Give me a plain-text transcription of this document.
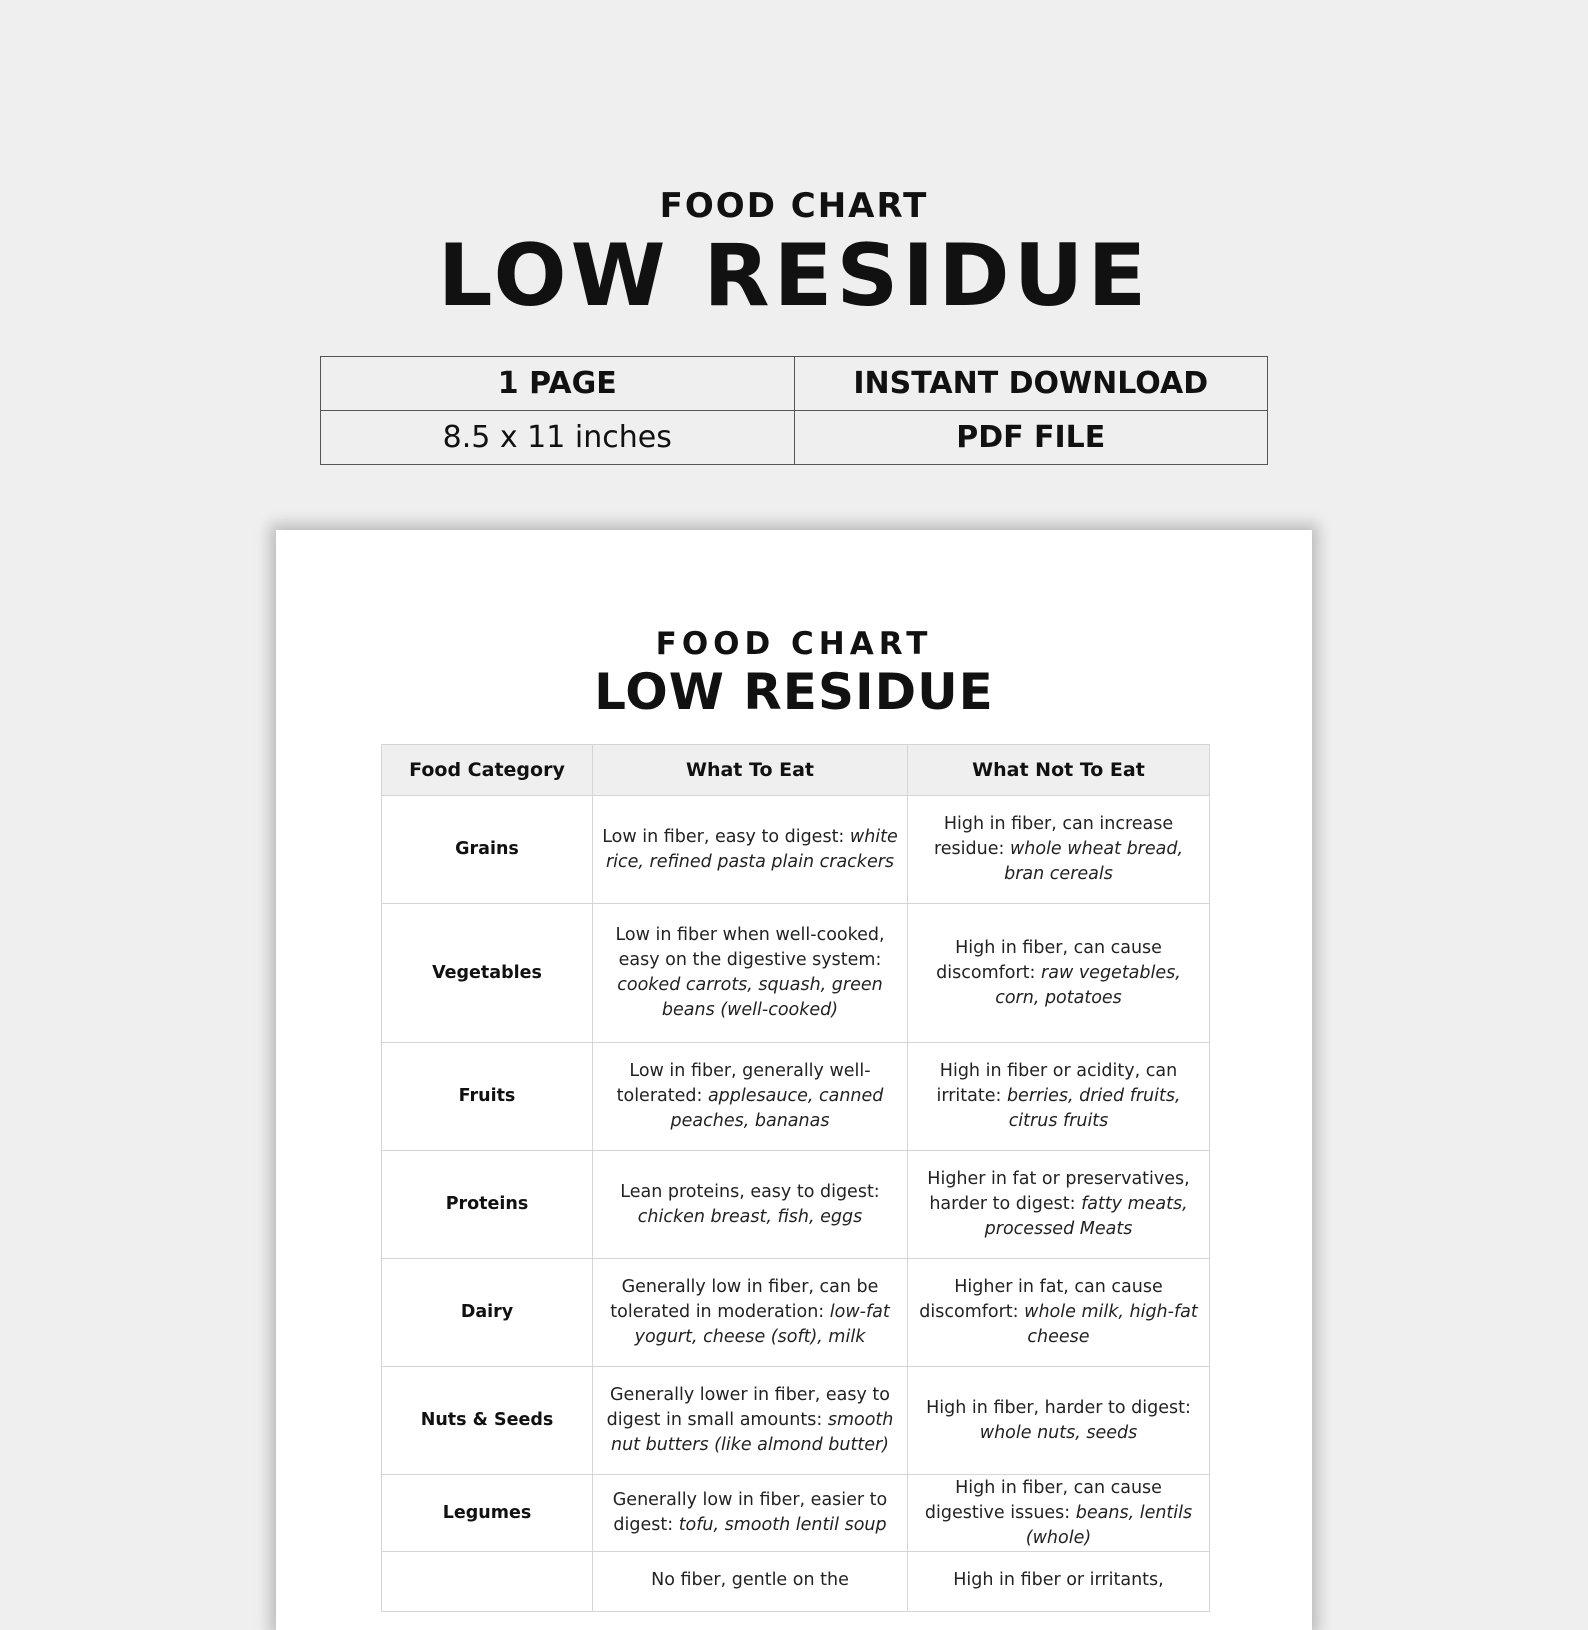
FOOD CHART
LOW RESIDUE
1 PAGE	INSTANT DOWNLOAD
8.5 x 11 inches	PDF FILE
FOOD CHART
LOW RESIDUE
Food Category	What To Eat	What Not To Eat
Grains	Low in fiber, easy to digest: white rice, refined pasta plain crackers	High in fiber, can increase residue: whole wheat bread, bran cereals
Vegetables	Low in fiber when well-cooked, easy on the digestive system: cooked carrots, squash, green beans (well-cooked)	High in fiber, can cause discomfort: raw vegetables, corn, potatoes
Fruits	Low in fiber, generally well-tolerated: applesauce, canned peaches, bananas	High in fiber or acidity, can irritate: berries, dried fruits, citrus fruits
Proteins	Lean proteins, easy to digest: chicken breast, fish, eggs	Higher in fat or preservatives, harder to digest: fatty meats, processed Meats
Dairy	Generally low in fiber, can be tolerated in moderation: low-fat yogurt, cheese (soft), milk	Higher in fat, can cause discomfort: whole milk, high-fat cheese
Nuts & Seeds	Generally lower in fiber, easy to digest in small amounts: smooth nut butters (like almond butter)	High in fiber, harder to digest: whole nuts, seeds
Legumes	Generally low in fiber, easier to digest: tofu, smooth lentil soup	High in fiber, can cause digestive issues: beans, lentils (whole)
	No fiber, gentle on the	High in fiber or irritants,
